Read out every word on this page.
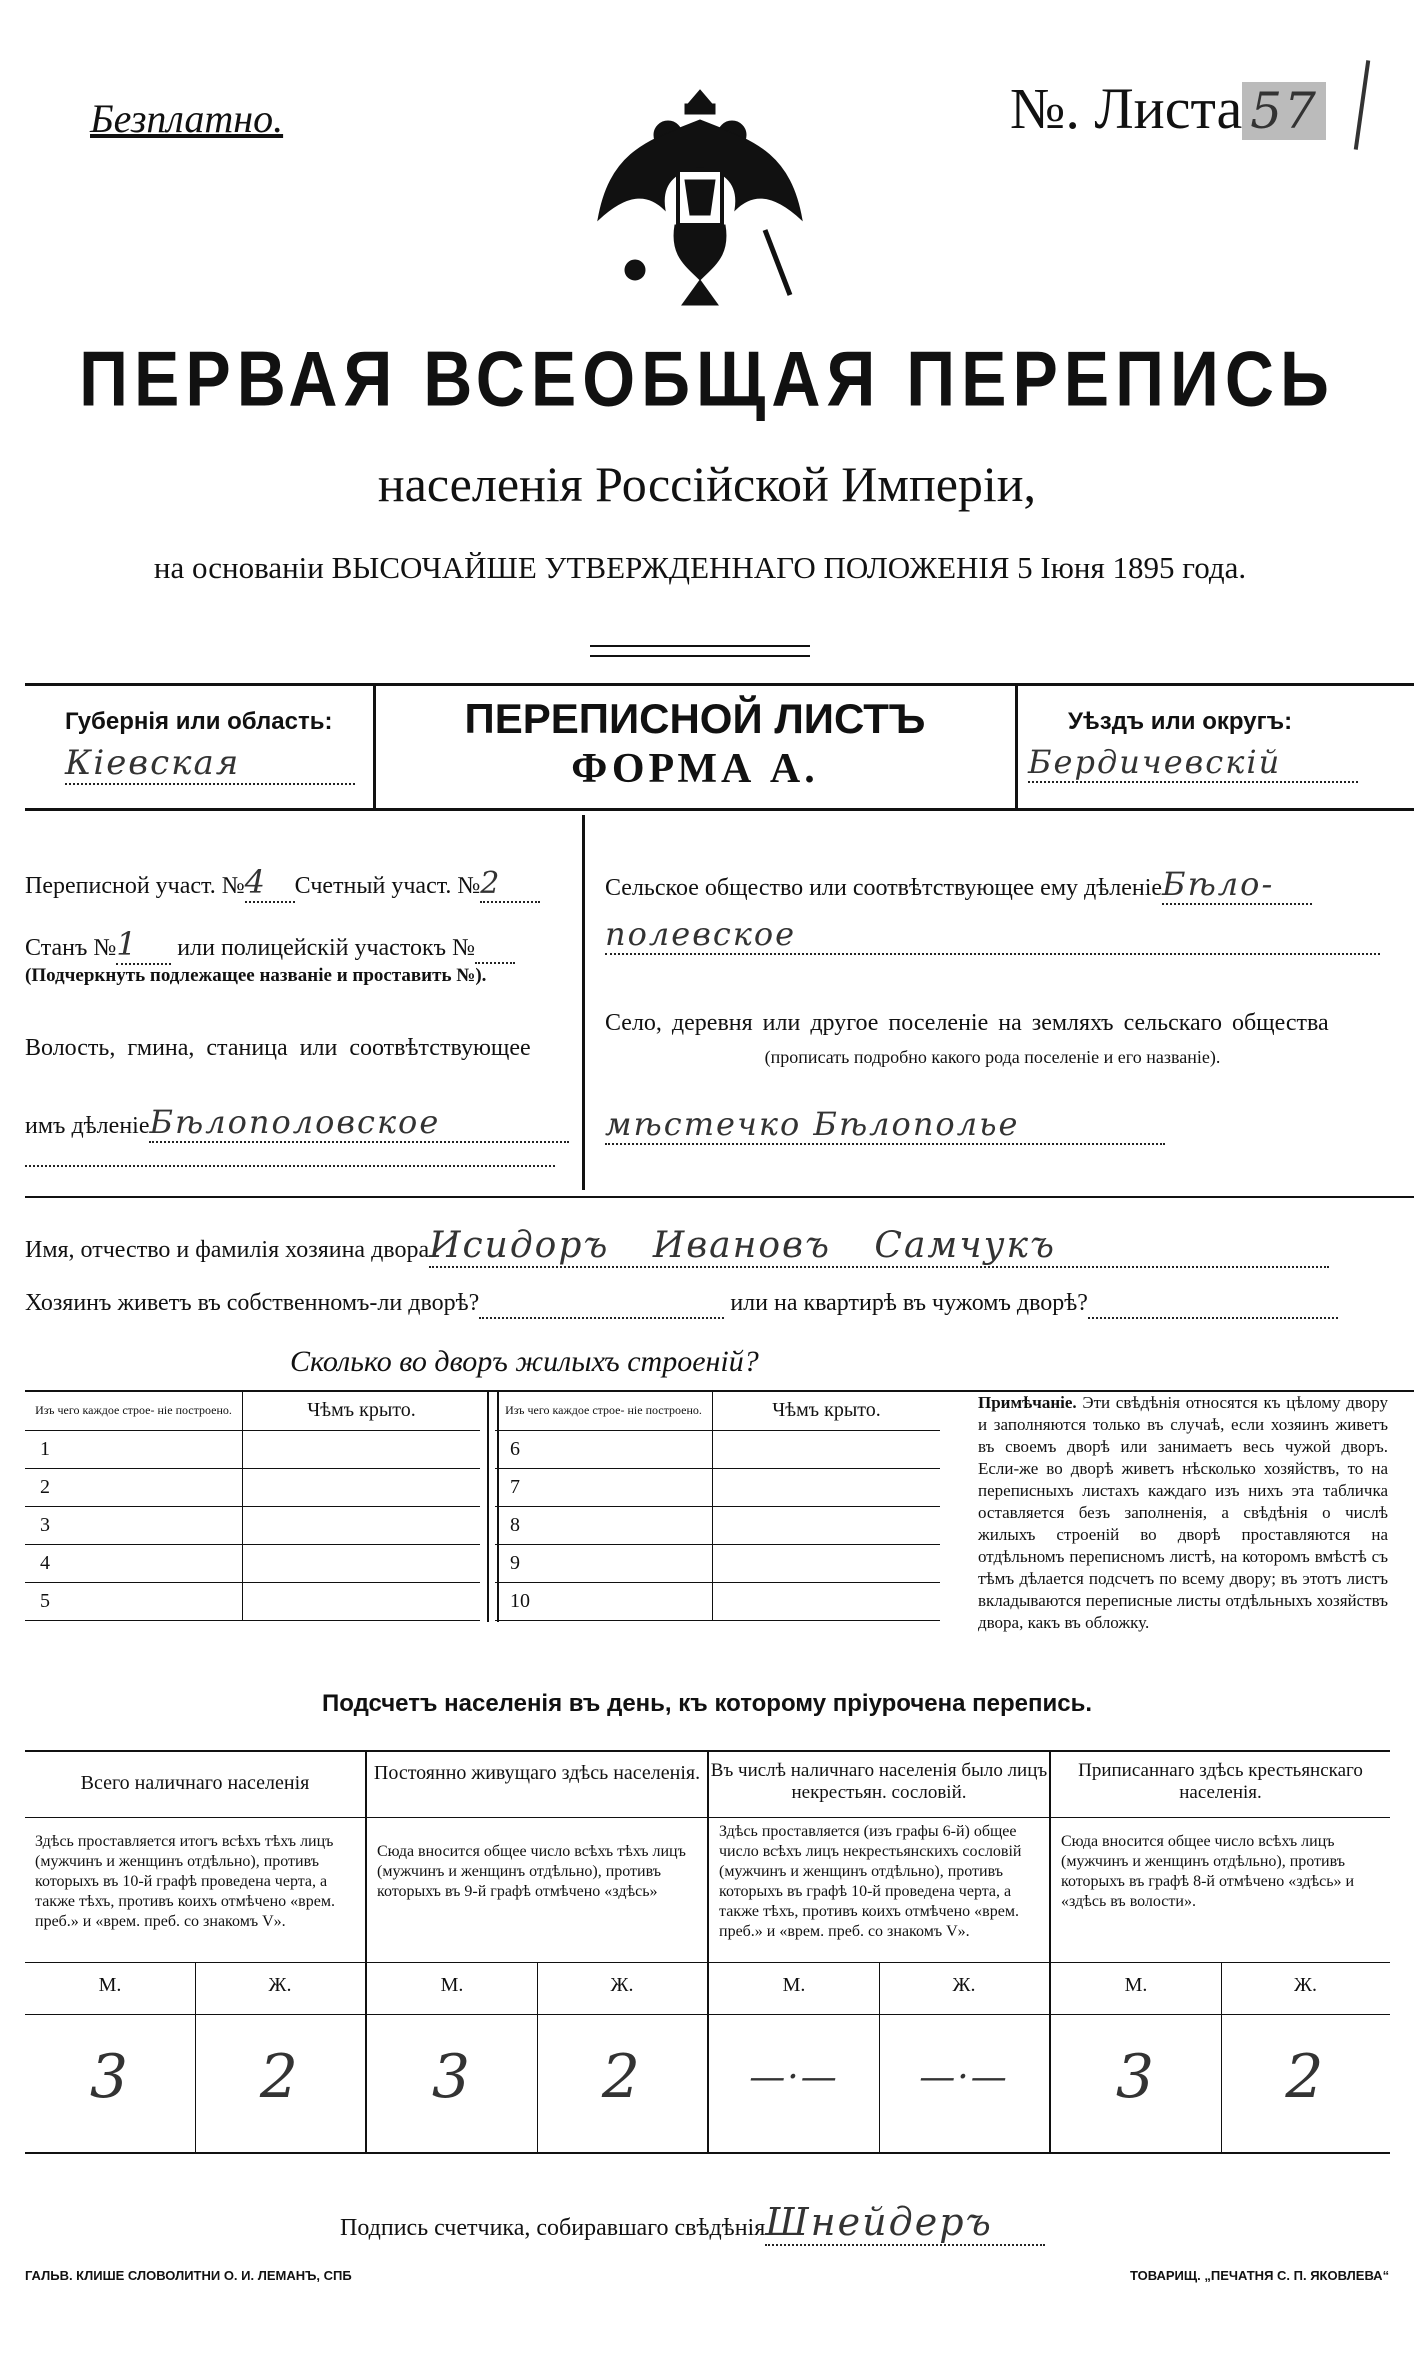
Безплатно.	№. Листа 57
ПЕРВАЯ ВСЕОБЩАЯ ПЕРЕПИСЬ
населенія Россійской Имперіи,
на основаніи ВЫСОЧАЙШЕ УТВЕРЖДЕННАГО ПОЛОЖЕНІЯ 5 Іюня 1895 года.
Губернія или область:
Кіевская
ПЕРЕПИСНОЙ ЛИСТЪ
ФОРМА А.
Уѣздъ или округъ:
Бердичевскій
Переписной участ. №4 Счетный участ. №2
Станъ №1 или полицейскій участокъ №
(Подчеркнуть подлежащее названіе и проставить №).
Волость, гмина, станица или соотвѣтствующее
имъ дѣленіеБѣлополовское
Сельское общество или соотвѣтствующее ему дѣленіеБѣло-
полевское
Село, деревня или другое поселеніе на земляхъ сельскаго общества
(прописать подробно какого рода поселеніе и его названіе).
мѣстечко Бѣлополье
Имя, отчество и фамилія хозяина двораИсидоръ Ивановъ Самчукъ
Хозяинъ живетъ въ собственномъ-ли дворѣ?	или на квартирѣ въ чужомъ дворѣ?
Сколько во дворъ жилыхъ строеній?
Изъ чего каждое строе- ніе построено.	Чѣмъ крыто.
1	
2	
3	
4	
5	
Изъ чего каждое строе- ніе построено.	Чѣмъ крыто.
6	
7	
8	
9	
10	
Примѣчаніе. Эти свѣдѣнія относятся къ цѣлому двору и заполняются только въ случаѣ, если хозяинъ живетъ въ своемъ дворѣ или занимаетъ весь чужой дворъ. Если-же во дворѣ живетъ нѣсколько хозяйствъ, то на переписныхъ листахъ каждаго изъ нихъ эта табличка оставляется безъ заполненія, а свѣдѣнія о числѣ жилыхъ строеній во дворѣ проставляются на отдѣльномъ переписномъ листѣ, на которомъ вмѣстѣ съ тѣмъ дѣлается подсчетъ по всему двору; въ этотъ листъ вкладываются переписные листы отдѣльныхъ хозяйствъ двора, какъ въ обложку.
Подсчетъ населенія въ день, къ которому пріурочена перепись.
Всего наличнаго населенія
Здѣсь проставляется итогъ всѣхъ тѣхъ лицъ (мужчинъ и женщинъ отдѣльно), противъ которыхъ въ 10-й графѣ проведена черта, а также тѣхъ, противъ коихъ отмѣчено «врем. преб.» и «врем. преб. со знакомъ V».
Постоянно живущаго здѣсь населенія.
Сюда вносится общее число всѣхъ тѣхъ лицъ (мужчинъ и женщинъ отдѣльно), противъ которыхъ въ 9-й графѣ отмѣчено «здѣсь»
Въ числѣ наличнаго населенія было лицъ некрестьян. сословій.
Здѣсь проставляется (изъ графы 6-й) общее число всѣхъ лицъ некрестьянскихъ сословій (мужчинъ и женщинъ отдѣльно), противъ которыхъ въ графѣ 10-й проведена черта, а также тѣхъ, противъ коихъ отмѣчено «врем. преб.» и «врем. преб. со знакомъ V».
Приписаннаго здѣсь крестьянскаго населенія.
Сюда вносится общее число всѣхъ лицъ (мужчинъ и женщинъ отдѣльно), противъ которыхъ въ графѣ 8-й отмѣчено «здѣсь» и «здѣсь въ волости».
М.	Ж.	М.	Ж.	М.	Ж.	М.	Ж.
3	2	3	2	—·—	—·—	3	2
Подпись счетчика, собиравшаго свѣдѣніяШнейдеръ
ГАЛЬВ. КЛИШЕ СЛОВОЛИТНИ О. И. ЛЕМАНЪ, СПБ	ТОВАРИЩ. „ПЕЧАТНЯ С. П. ЯКОВЛЕВА“
